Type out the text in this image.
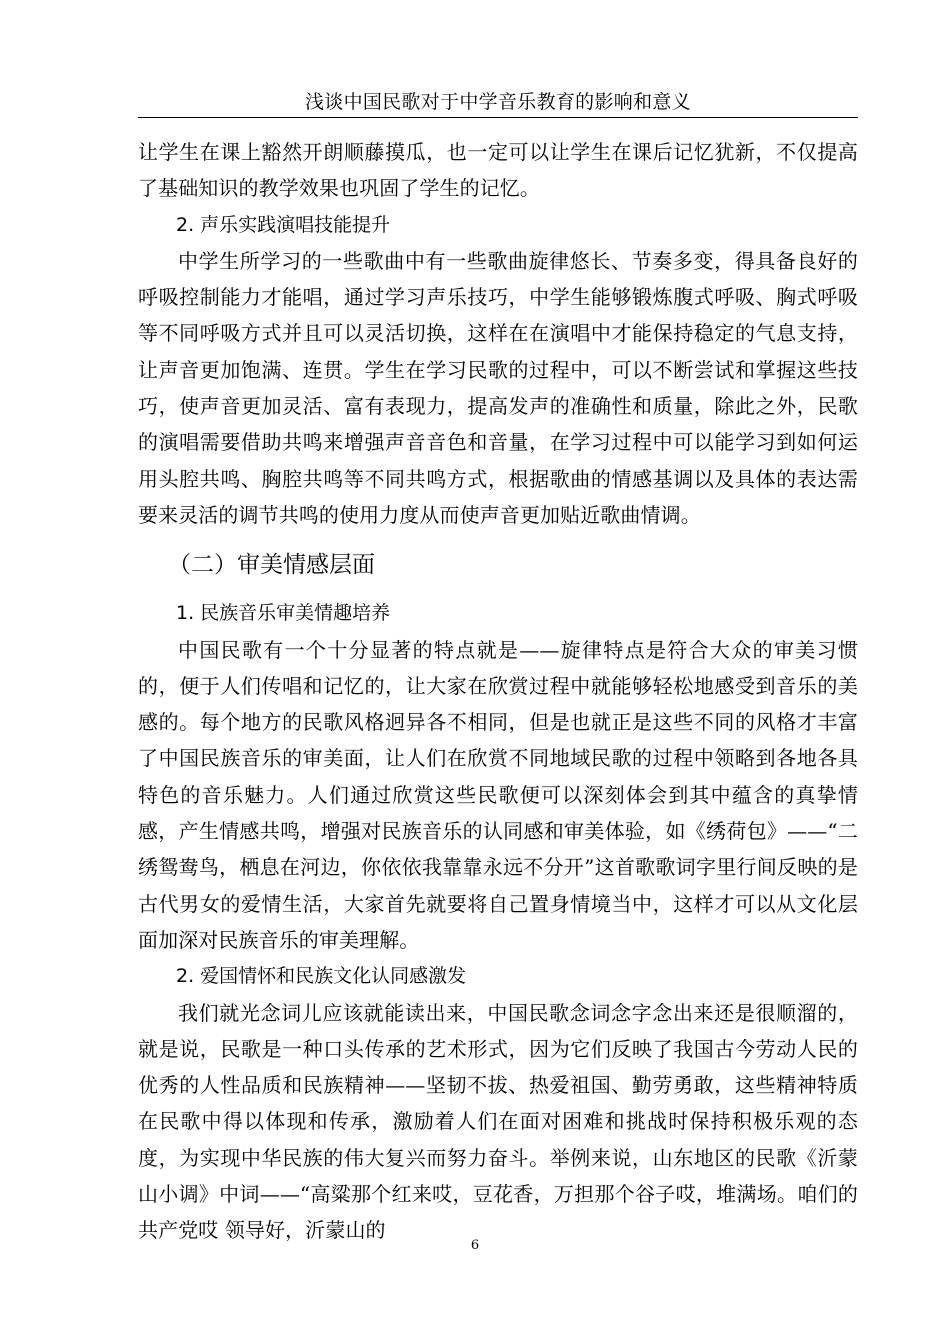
浅谈中国民歌对于中学音乐教育的影响和意义

让学生在课上豁然开朗顺藤摸瓜，也一定可以让学生在课后记忆犹新，不仅提高了基础知识的教学效果也巩固了学生的记忆。

2. 声乐实践演唱技能提升

中学生所学习的一些歌曲中有一些歌曲旋律悠长、节奏多变，得具备良好的呼吸控制能力才能唱，通过学习声乐技巧，中学生能够锻炼腹式呼吸、胸式呼吸等不同呼吸方式并且可以灵活切换，这样在在演唱中才能保持稳定的气息支持，让声音更加饱满、连贯。学生在学习民歌的过程中，可以不断尝试和掌握这些技巧，使声音更加灵活、富有表现力，提高发声的准确性和质量，除此之外，民歌的演唱需要借助共鸣来增强声音音色和音量，在学习过程中可以能学习到如何运用头腔共鸣、胸腔共鸣等不同共鸣方式，根据歌曲的情感基调以及具体的表达需要来灵活的调节共鸣的使用力度从而使声音更加贴近歌曲情调。

（二）审美情感层面

1. 民族音乐审美情趣培养

中国民歌有一个十分显著的特点就是——旋律特点是符合大众的审美习惯的，便于人们传唱和记忆的，让大家在欣赏过程中就能够轻松地感受到音乐的美感的。每个地方的民歌风格迥异各不相同，但是也就正是这些不同的风格才丰富了中国民族音乐的审美面，让人们在欣赏不同地域民歌的过程中领略到各地各具特色的音乐魅力。人们通过欣赏这些民歌便可以深刻体会到其中蕴含的真挚情感，产生情感共鸣，增强对民族音乐的认同感和审美体验，如《绣荷包》——“二绣鸳鸯鸟，栖息在河边，你依依我靠靠永远不分开”这首歌歌词字里行间反映的是古代男女的爱情生活，大家首先就要将自己置身情境当中，这样才可以从文化层面加深对民族音乐的审美理解。

2. 爱国情怀和民族文化认同感激发

我们就光念词儿应该就能读出来，中国民歌念词念字念出来还是很顺溜的，就是说，民歌是一种口头传承的艺术形式，因为它们反映了我国古今劳动人民的优秀的人性品质和民族精神——坚韧不拔、热爱祖国、勤劳勇敢，这些精神特质在民歌中得以体现和传承，激励着人们在面对困难和挑战时保持积极乐观的态度，为实现中华民族的伟大复兴而努力奋斗。举例来说，山东地区的民歌《沂蒙山小调》中词——“高粱那个红来哎，豆花香，万担那个谷子哎，堆满场。咱们的共产党哎 领导好，沂蒙山的

6
